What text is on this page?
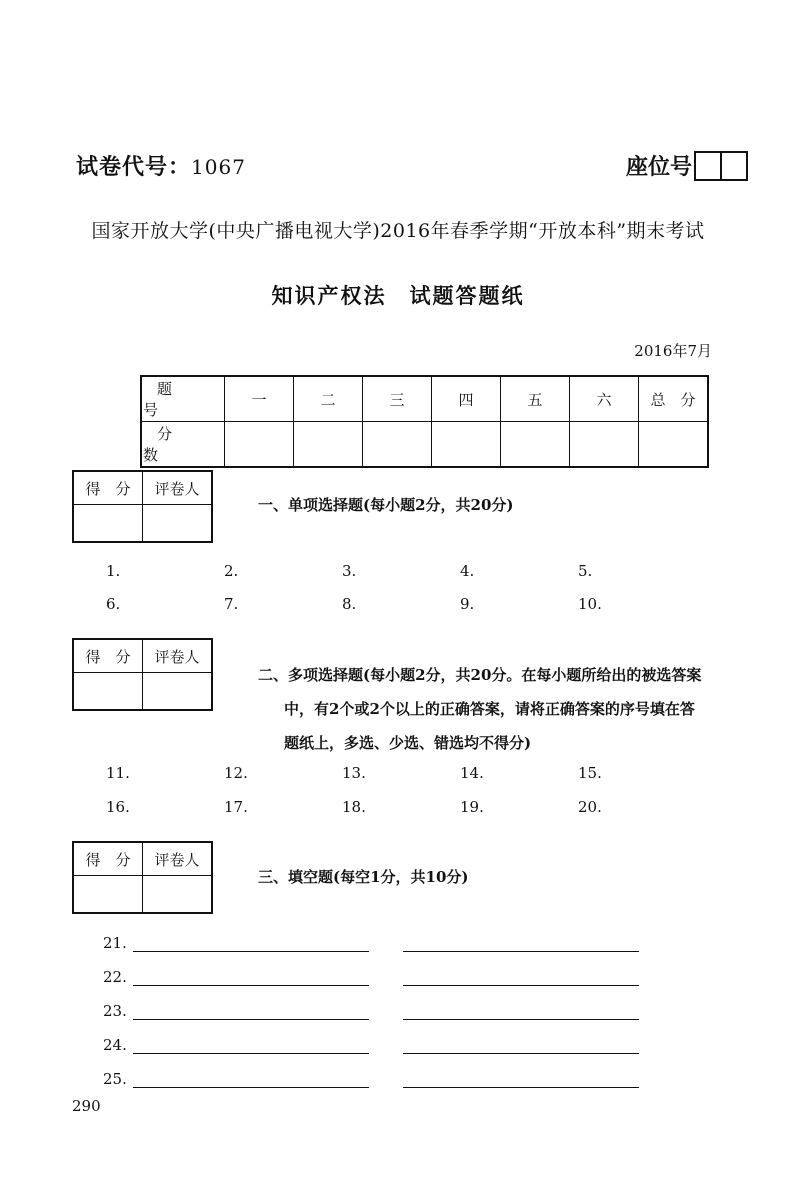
试卷代号：1067	座位号
国家开放大学(中央广播电视大学)2016年春季学期“开放本科”期末考试
知识产权法　试题答题纸
2016年7月
题　号	一	二	三	四	五	六	总　分
分　数							
得　分	评卷人

一、单项选择题(每小题2分，共20分)
1.	2.	3.	4.	5.
6.	7.	8.	9.	10.
得　分	评卷人

二、多项选择题(每小题2分，共20分。在每小题所给出的被选答案
中，有2个或2个以上的正确答案，请将正确答案的序号填在答
题纸上，多选、少选、错选均不得分)
11.	12.	13.	14.	15.
16.	17.	18.	19.	20.
得　分	评卷人

三、填空题(每空1分，共10分)
21.
22.
23.
24.
25.
290
